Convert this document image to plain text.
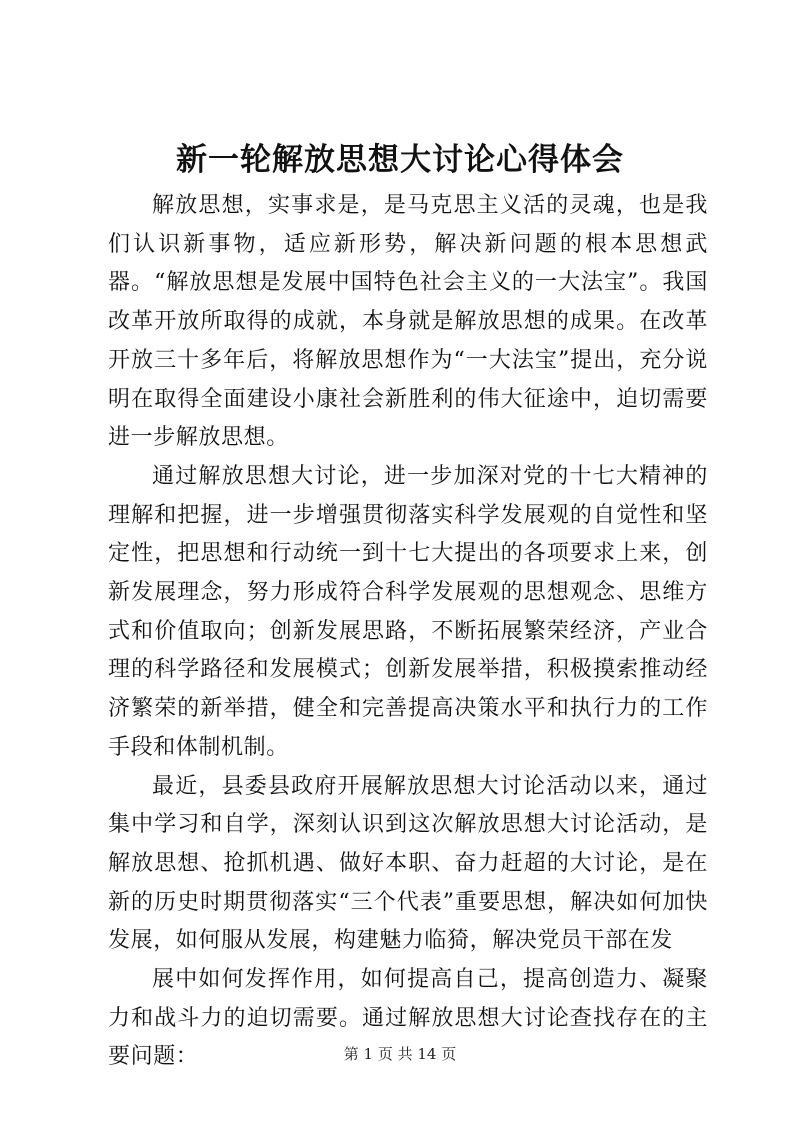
新一轮解放思想大讨论心得体会

解放思想，实事求是，是马克思主义活的灵魂，也是我们认识新事物，适应新形势，解决新问题的根本思想武器。“解放思想是发展中国特色社会主义的一大法宝”。我国改革开放所取得的成就，本身就是解放思想的成果。在改革开放三十多年后，将解放思想作为“一大法宝”提出，充分说明在取得全面建设小康社会新胜利的伟大征途中，迫切需要进一步解放思想。

通过解放思想大讨论，进一步加深对党的十七大精神的理解和把握，进一步增强贯彻落实科学发展观的自觉性和坚定性，把思想和行动统一到十七大提出的各项要求上来，创新发展理念，努力形成符合科学发展观的思想观念、思维方式和价值取向；创新发展思路，不断拓展繁荣经济，产业合理的科学路径和发展模式；创新发展举措，积极摸索推动经济繁荣的新举措，健全和完善提高决策水平和执行力的工作手段和体制机制。

最近，县委县政府开展解放思想大讨论活动以来，通过集中学习和自学，深刻认识到这次解放思想大讨论活动，是解放思想、抢抓机遇、做好本职、奋力赶超的大讨论，是在新的历史时期贯彻落实“三个代表”重要思想，解决如何加快发展，如何服从发展，构建魅力临猗，解决党员干部在发

展中如何发挥作用，如何提高自己，提高创造力、凝聚力和战斗力的迫切需要。通过解放思想大讨论查找存在的主要问题：	第 1 页 共 14 页
